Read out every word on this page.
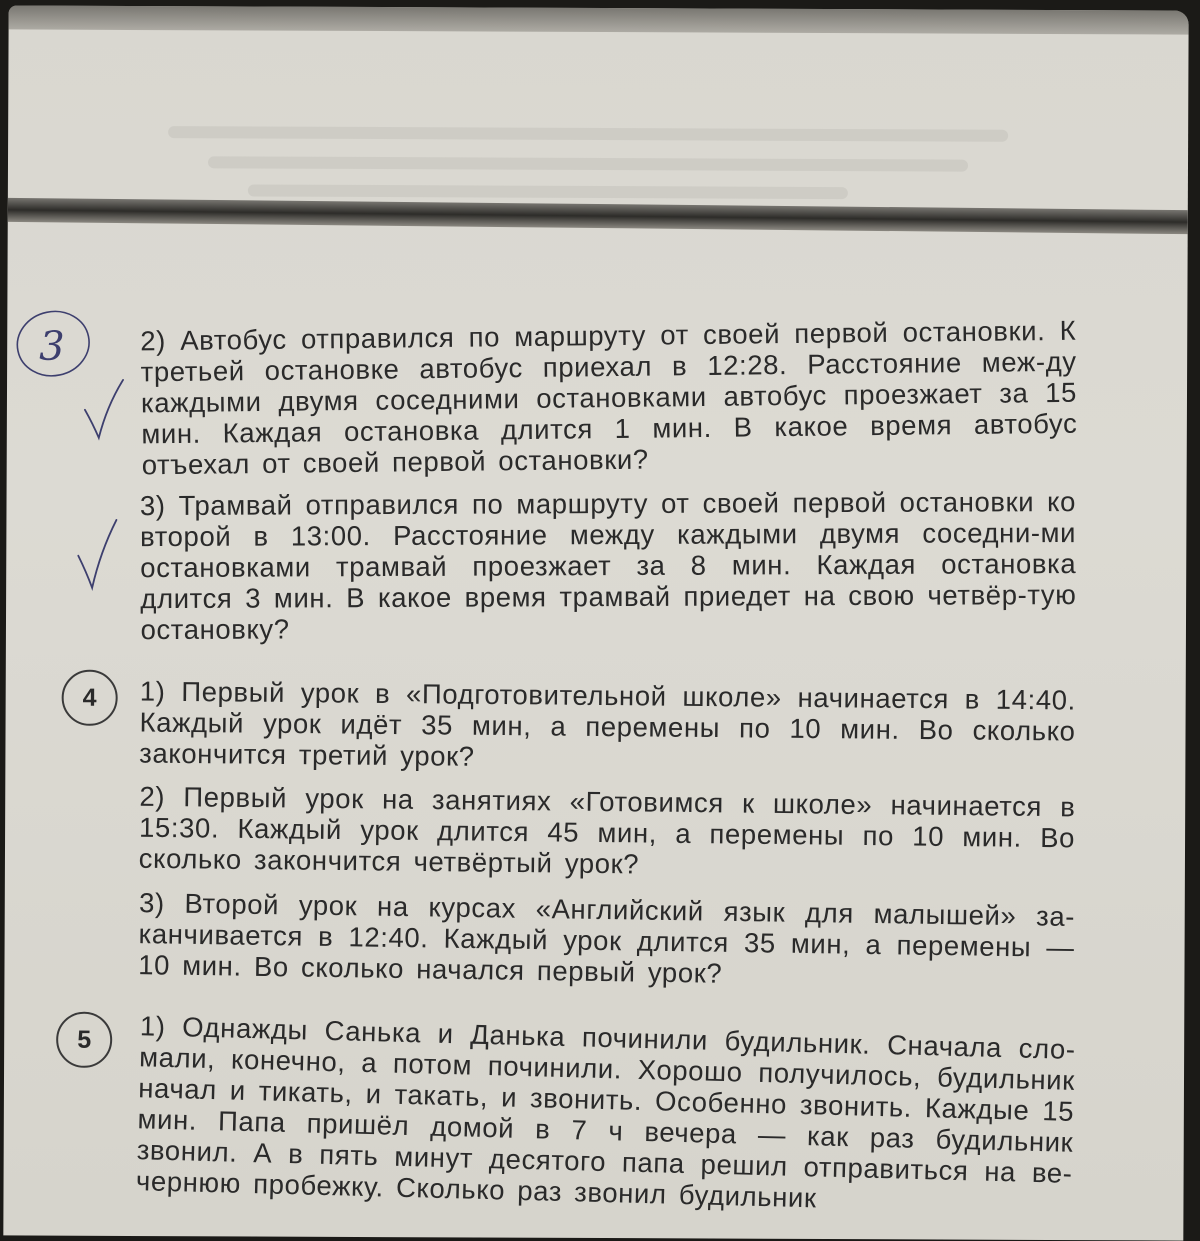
3	2) Автобус отправился по маршруту от своей первой остановки. К третьей остановке автобус приехал в 12:28. Расстояние меж-ду каждыми двумя соседними остановками автобус проезжает за 15 мин. Каждая остановка длится 1 мин. В какое время автобус отъехал от своей первой остановки?
3) Трамвай отправился по маршруту от своей первой остановки ко второй в 13:00. Расстояние между каждыми двумя соседни-ми остановками трамвай проезжает за 8 мин. Каждая остановка длится 3 мин. В какое время трамвай приедет на свою четвёр-тую остановку?
4	1) Первый урок в «Подготовительной школе» начинается в 14:40. Каждый урок идёт 35 мин, а перемены по 10 мин. Во сколько закончится третий урок?
2) Первый урок на занятиях «Готовимся к школе» начинается в 15:30. Каждый урок длится 45 мин, а перемены по 10 мин. Во сколько закончится четвёртый урок?
3) Второй урок на курсах «Английский язык для малышей» за-канчивается в 12:40. Каждый урок длится 35 мин, а перемены — 10 мин. Во сколько начался первый урок?
5	1) Однажды Санька и Данька починили будильник. Сначала сло-мали, конечно, а потом починили. Хорошо получилось, будильник начал и тикать, и такать, и звонить. Особенно звонить. Каждые 15 мин. Папа пришёл домой в 7 ч вечера — как раз будильник звонил. А в пять минут десятого папа решил отправиться на ве-чернюю пробежку. Сколько раз звонил будильник
